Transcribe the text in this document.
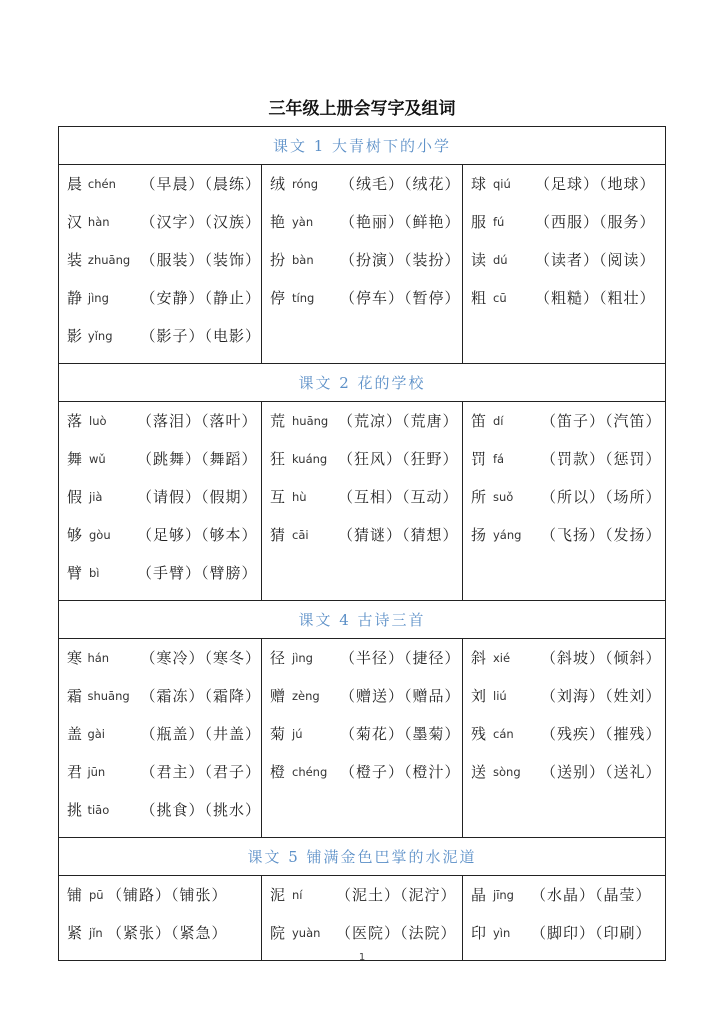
三年级上册会写字及组词
课文 1 大青树下的小学		

晨 chén	（早晨）（晨练）
汉 hàn	（汉字）（汉族）
装 zhuāng （服装）（装饰）
静 jìng	（安静）（静止）
影 yǐng	（影子）（电影）

绒 róng	（绒毛）（绒花）
艳 yàn	（艳丽）（鲜艳）
扮 bàn	（扮演）（装扮）
停 tíng	（停车）（暂停）

球 qiú	（足球）（地球）
服 fú	（西服）（服务）
读 dú	（读者）（阅读）
粗 cū	（粗糙）（粗壮）

课文 2 花的学校		

落 luò	（落泪）（落叶）
舞 wǔ	（跳舞）（舞蹈）
假 jià	（请假）（假期）
够 gòu	（足够）（够本）
臂 bì	（手臂）（臂膀）

荒 huāng （荒凉）（荒唐）
狂 kuáng （狂风）（狂野）
互 hù	（互相）（互动）
猜 cāi	（猜谜）（猜想）

笛 dí	（笛子）（汽笛）
罚 fá	（罚款）（惩罚）
所 suǒ	（所以）（场所）
扬 yáng	（飞扬）（发扬）

课文 4 古诗三首		

寒 hán	（寒冷）（寒冬）
霜 shuāng （霜冻）（霜降）
盖 gài	（瓶盖）（井盖）
君 jūn	（君主）（君子）
挑 tiāo	（挑食）（挑水）

径 jìng	（半径）（捷径）
赠 zèng	（赠送）（赠品）
菊 jú	（菊花）（墨菊）
橙 chéng （橙子）（橙汁）

斜 xié	（斜坡）（倾斜）
刘 liú	（刘海）（姓刘）
残 cán	（残疾）（摧残）
送 sòng	（送别）（送礼）

课文 5 铺满金色巴掌的水泥道		

铺 pū （铺路）（铺张）
紧 jǐn （紧张）（紧急）

泥 ní	（泥土）（泥泞）
院 yuàn	（医院）（法院）

晶 jīng	（水晶）（晶莹）
印 yìn	（脚印）（印刷）
1
